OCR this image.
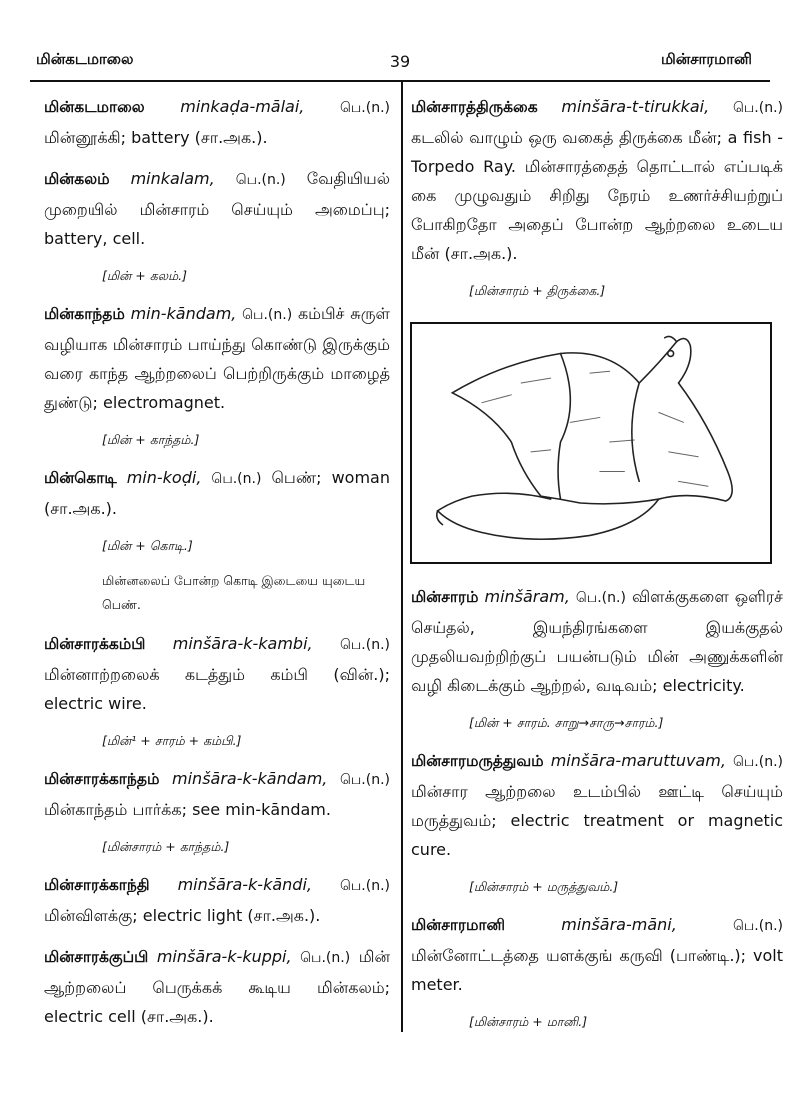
மின்கடமாலை	39	மின்சாரமானி
மின்கடமாலை minkaḍa-mālai,	பெ.(n.) மின்னூக்கி; battery (சா.அக.).
மின்கலம் minkalam, பெ.(n.) வேதியியல் முறையில் மின்சாரம் செய்யும் அமைப்பு; battery, cell.
[மின் + கலம்.]
மின்காந்தம் min-kāndam, பெ.(n.) கம்பிச் சுருள் வழியாக மின்சாரம் பாய்ந்து கொண்டு இருக்கும் வரை காந்த ஆற்றலைப் பெற்றிருக்கும் மாழைத் துண்டு; electromagnet.
[மின் + காந்தம்.]
மின்கொடி min-koḍi, பெ.(n.) பெண்; woman (சா.அக.).
[மின் + கொடி.]
மின்னலைப் போன்ற கொடி இடையை யுடைய பெண்.
மின்சாரக்கம்பி minšāra-k-kambi, பெ.(n.) மின்னாற்றலைக் கடத்தும் கம்பி (வின்.); electric wire.
[மின்¹ + சாரம் + கம்பி.]
மின்சாரக்காந்தம் minšāra-k-kāndam, பெ.(n.) மின்காந்தம் பார்க்க; see min-kāndam.
[மின்சாரம் + காந்தம்.]
மின்சாரக்காந்தி minšāra-k-kāndi, பெ.(n.) மின்விளக்கு; electric light (சா.அக.).
மின்சாரக்குப்பி minšāra-k-kuppi, பெ.(n.) மின் ஆற்றலைப் பெருக்கக் கூடிய மின்கலம்; electric cell (சா.அக.).
மின்சாரத்திருக்கை minšāra-t-tirukkai, பெ.(n.) கடலில் வாழும் ஒரு வகைத் திருக்கை மீன்; a fish - Torpedo Ray. மின்சாரத்தைத் தொட்டால் எப்படிக் கை முழுவதும் சிறிது நேரம் உணர்ச்சியற்றுப் போகிறதோ அதைப் போன்ற ஆற்றலை உடைய மீன் (சா.அக.).
[மின்சாரம் + திருக்கை.]
மின்சாரம் minšāram, பெ.(n.) விளக்குகளை ஒளிரச் செய்தல், இயந்திரங்களை இயக்குதல் முதலியவற்றிற்குப் பயன்படும் மின் அணுக்களின் வழி கிடைக்கும் ஆற்றல், வடிவம்; electricity.
[மின் + சாரம். சாறு→சாரு→சாரம்.]
மின்சாரமருத்துவம் minšāra-maruttuvam, பெ.(n.) மின்சார ஆற்றலை உடம்பில் ஊட்டி செய்யும் மருத்துவம்; electric treatment or magnetic cure.
[மின்சாரம் + மருத்துவம்.]
மின்சாரமானி	minšāra-māni,	பெ.(n.) மின்னோட்டத்தை யளக்குங் கருவி (பாண்டி.); volt meter.
[மின்சாரம் + மானி.]
